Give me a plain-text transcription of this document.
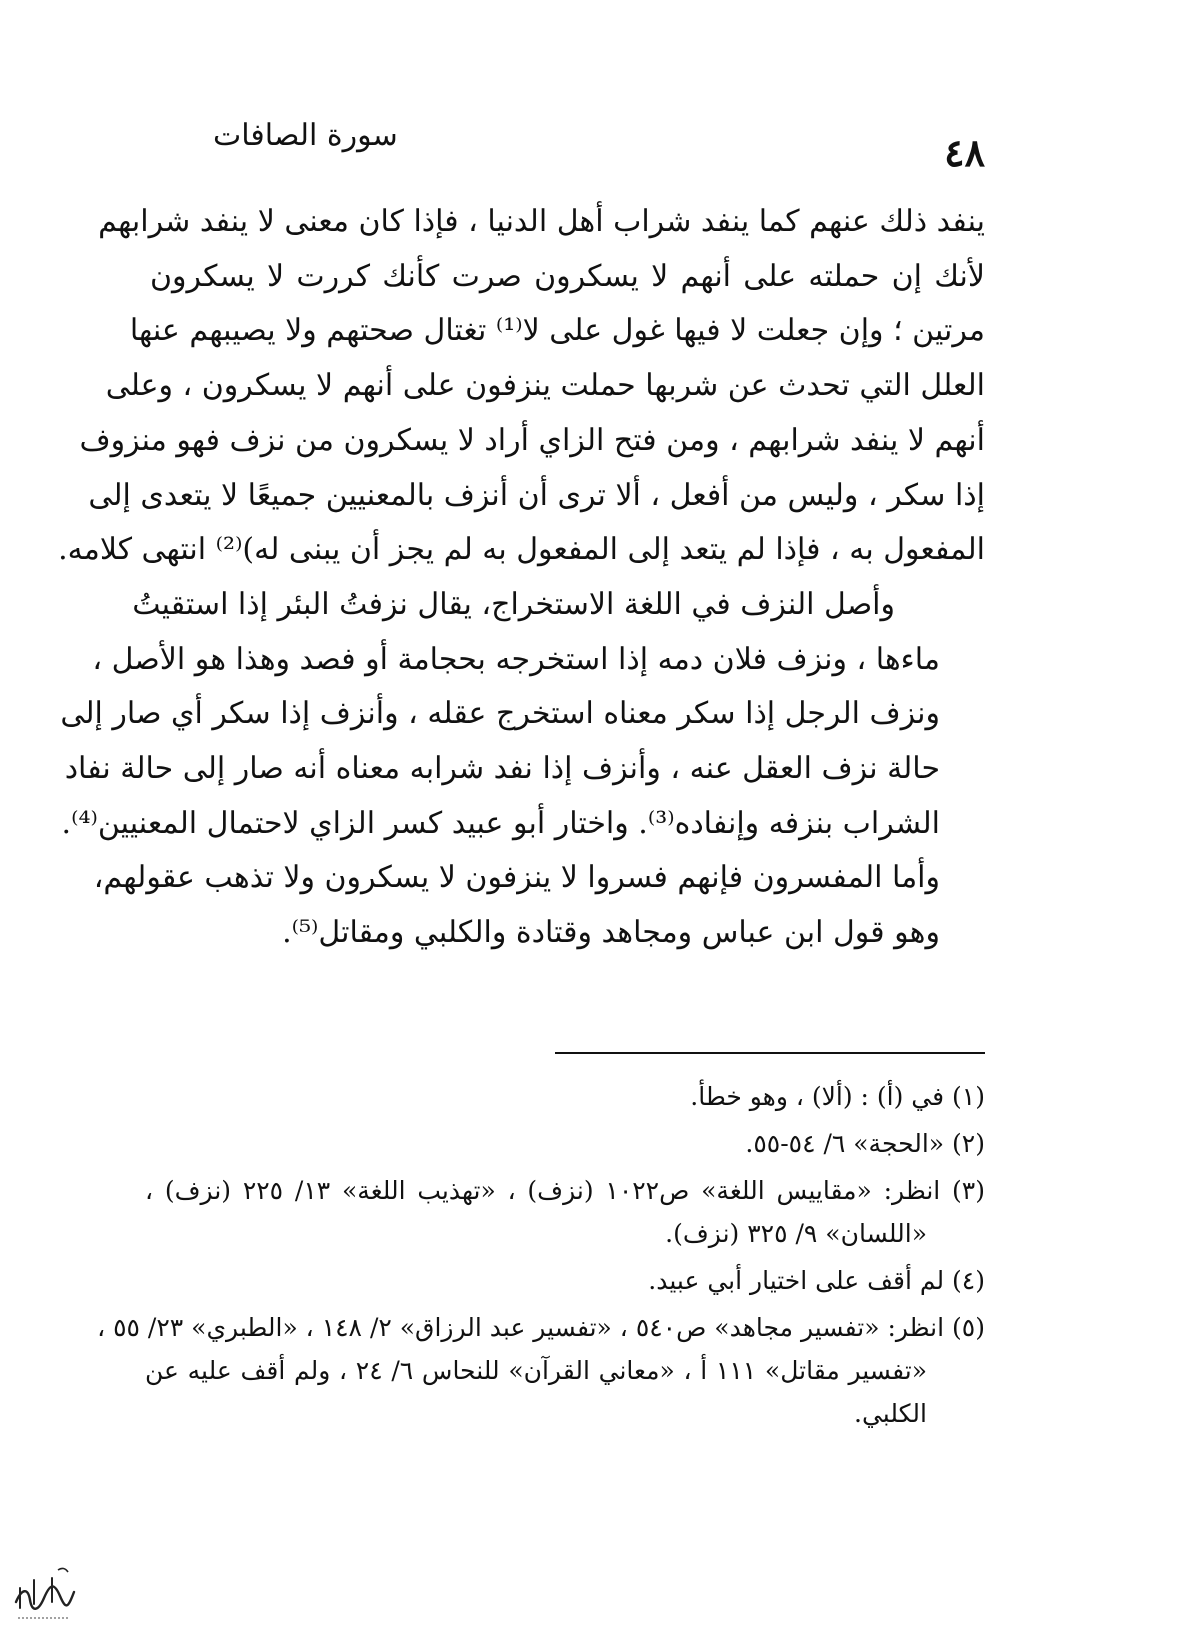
٤٨
سورة الصافات

ينفد ذلك عنهم كما ينفد شراب أهل الدنيا ، فإذا كان معنى لا ينفد شرابهم
لأنك إن حملته على أنهم لا يسكرون صرت كأنك كررت لا يسكرون
مرتين ؛ وإن جعلت لا فيها غول على لا⁽¹⁾ تغتال صحتهم ولا يصيبهم عنها
العلل التي تحدث عن شربها حملت ينزفون على أنهم لا يسكرون ، وعلى
أنهم لا ينفد شرابهم ، ومن فتح الزاي أراد لا يسكرون من نزف فهو منزوف
إذا سكر ، وليس من أفعل ، ألا ترى أن أنزف بالمعنيين جميعًا لا يتعدى إلى
المفعول به ، فإذا لم يتعد إلى المفعول به لم يجز أن يبنى له)⁽²⁾ انتهى كلامه.

وأصل النزف في اللغة الاستخراج، يقال نزفتُ البئر إذا استقيتُ
ماءها ، ونزف فلان دمه إذا استخرجه بحجامة أو فصد وهذا هو الأصل ،
ونزف الرجل إذا سكر معناه استخرج عقله ، وأنزف إذا سكر أي صار إلى
حالة نزف العقل عنه ، وأنزف إذا نفد شرابه معناه أنه صار إلى حالة نفاد
الشراب بنزفه وإنفاده⁽³⁾. واختار أبو عبيد كسر الزاي لاحتمال المعنيين⁽⁴⁾.
وأما المفسرون فإنهم فسروا لا ينزفون لا يسكرون ولا تذهب عقولهم،
وهو قول ابن عباس ومجاهد وقتادة والكلبي ومقاتل⁽⁵⁾.

(١) في (أ) : (ألا) ، وهو خطأ.
(٢) «الحجة» ٦/ ٥٤-٥٥.
(٣) انظر: «مقاييس اللغة» ص١٠٢٢ (نزف) ، «تهذيب اللغة» ١٣/ ٢٢٥ (نزف) ،
«اللسان» ٩/ ٣٢٥ (نزف).
(٤) لم أقف على اختيار أبي عبيد.
(٥) انظر: «تفسير مجاهد» ص٥٤٠ ، «تفسير عبد الرزاق» ٢/ ١٤٨ ، «الطبري» ٢٣/ ٥٥ ،
«تفسير مقاتل» ١١١ أ ، «معاني القرآن» للنحاس ٦/ ٢٤ ، ولم أقف عليه عن
الكلبي.
